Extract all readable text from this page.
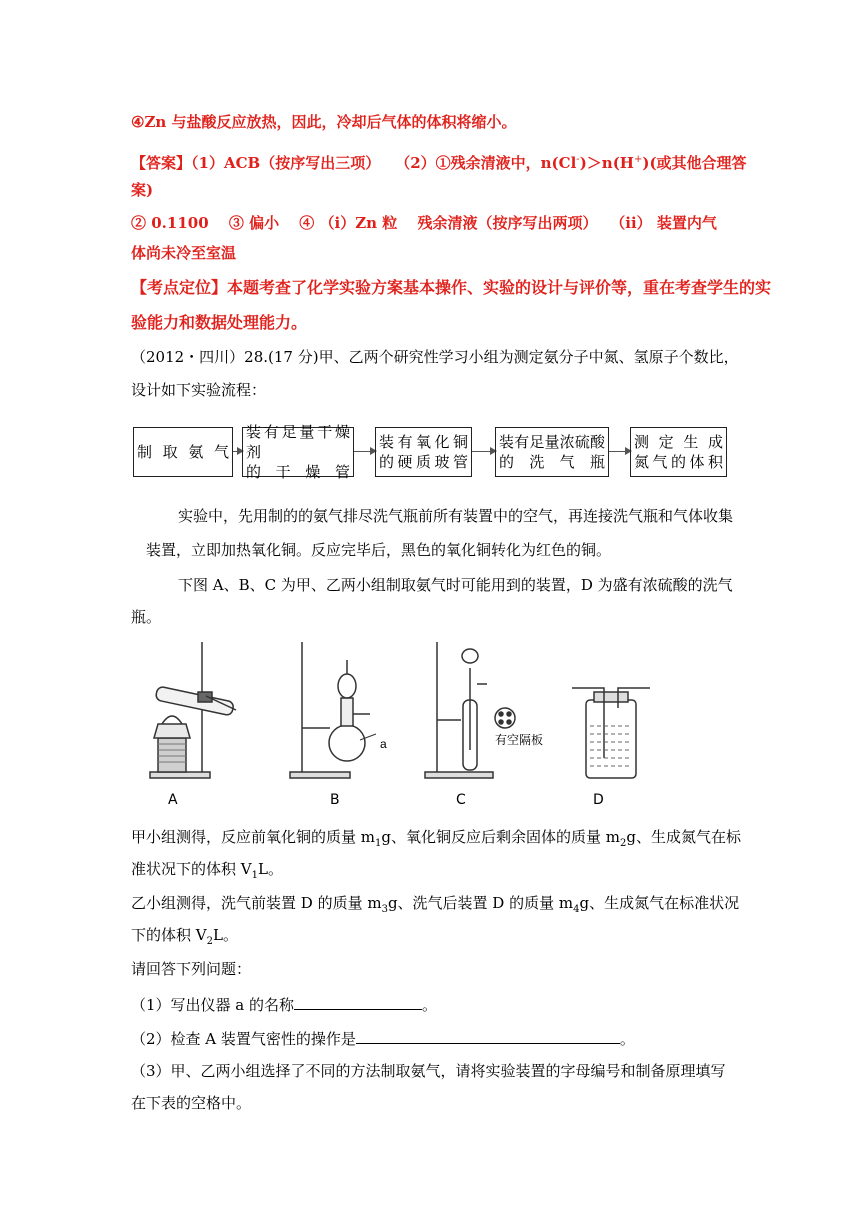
④Zn 与盐酸反应放热，因此，冷却后气体的体积将缩小。
【答案】（1）ACB（按序写出三项）　　（2）①残余清液中，n(Cl-)＞n(H+)(或其他合理答
案)
② 0.1100　 ③ 偏小　 ④ （ⅰ）Zn 粒　 残余清液（按序写出两项）　 （ⅱ） 装置内气
体尚未冷至室温
【考点定位】本题考查了化学实验方案基本操作、实验的设计与评价等，重在考查学生的实
验能力和数据处理能力。
（2012・四川）28.(17 分)甲、乙两个研究性学习小组为测定氨分子中氮、氢原子个数比，
设计如下实验流程：
制取氨气
装有足量干燥剂
的 干 燥 管
装有氧化铜
的硬质玻管
装有足量浓硫酸
的 洗 气 瓶
测 定 生 成
氮气的体积
实验中，先用制的的氨气排尽洗气瓶前所有装置中的空气，再连接洗气瓶和气体收集
装置，立即加热氧化铜。反应完毕后，黑色的氧化铜转化为红色的铜。
下图 A、B、C 为甲、乙两小组制取氨气时可能用到的装置，D 为盛有浓硫酸的洗气
瓶。
a	有空隔板
A	B	C	D
甲小组测得，反应前氧化铜的质量 $m_1g$、氧化铜反应后剩余固体的质量 $m_2g$、生成氮气在标
准状况下的体积 $V_1L$。
乙小组测得，洗气前装置 D 的质量 $m_3g$、洗气后装置 D 的质量 $m_4g$、生成氮气在标准状况
下的体积 $V_2L$。
请回答下列问题：
（1）写出仪器 a 的名称	。
（2）检查 A 装置气密性的操作是	。
（3）甲、乙两小组选择了不同的方法制取氨气，请将实验装置的字母编号和制备原理填写
在下表的空格中。
